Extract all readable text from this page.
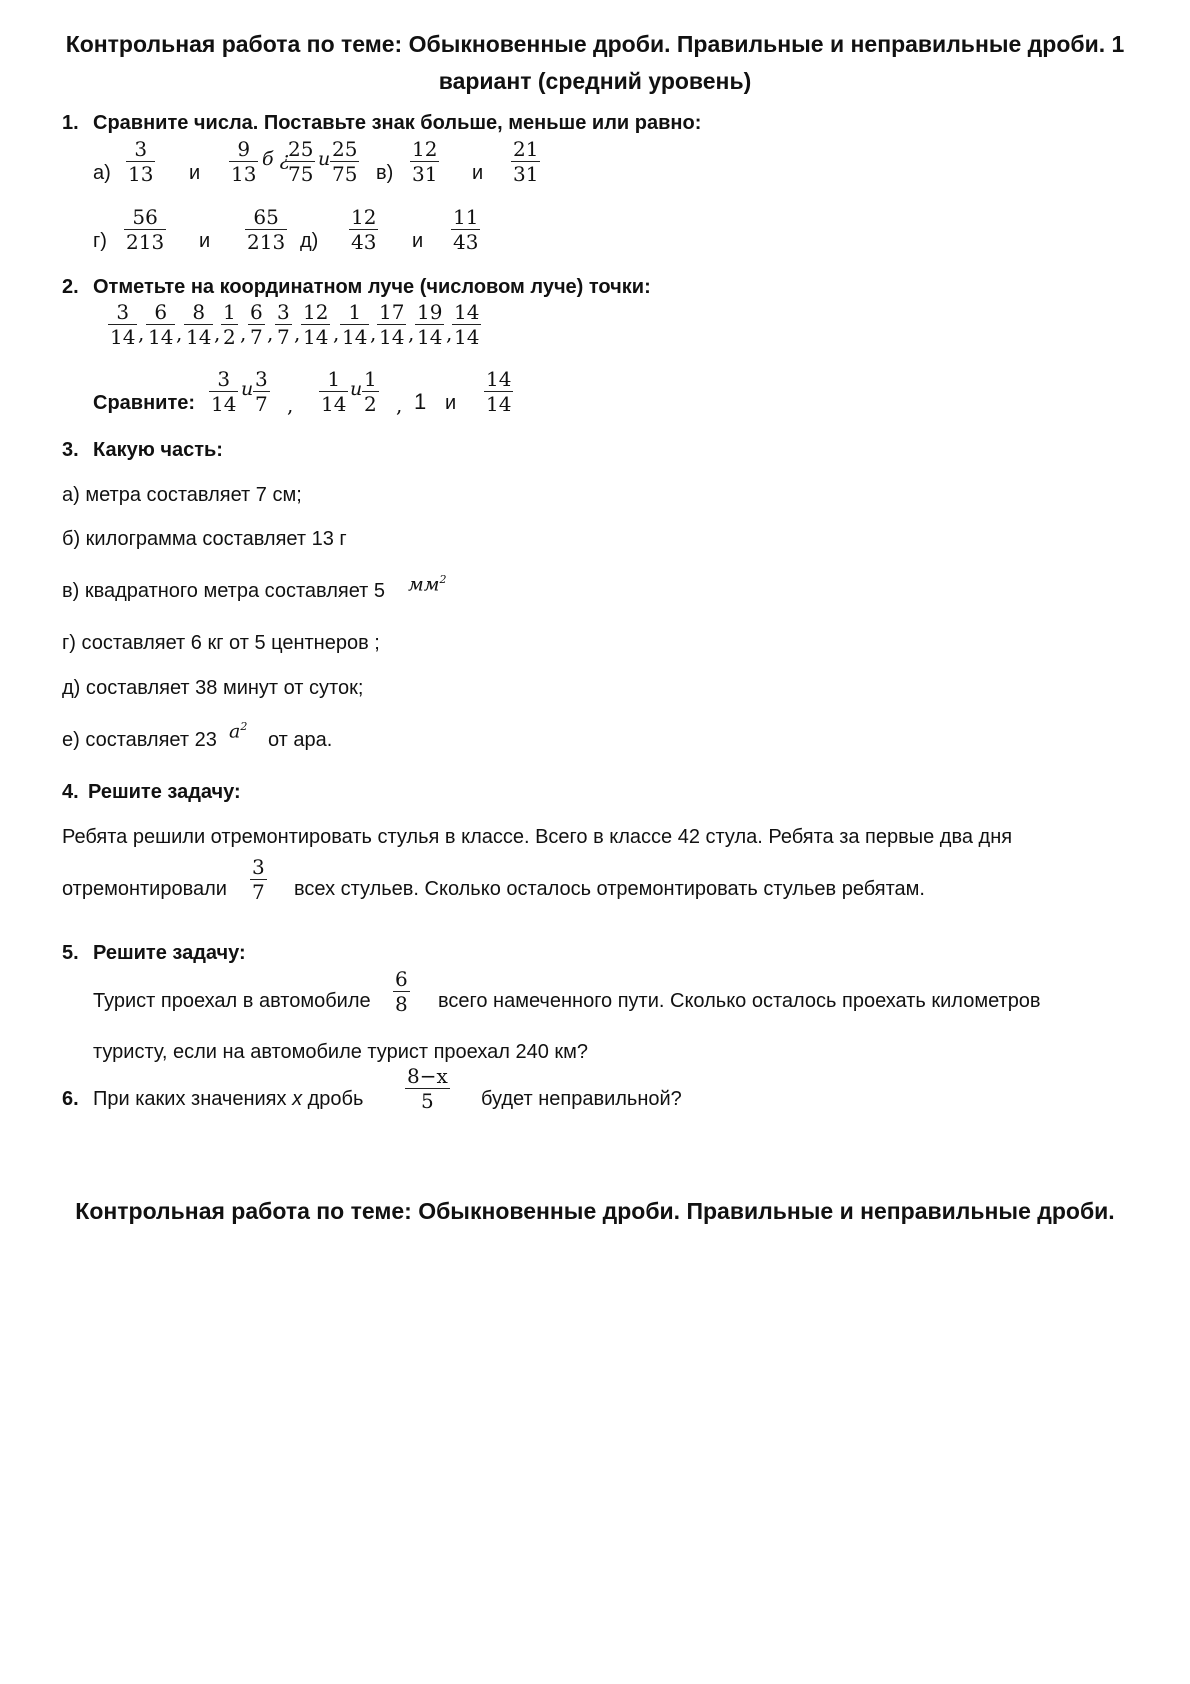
Контрольная работа по теме: Обыкновенные дроби. Правильные и неправильные дроби. 1 вариант (средний уровень)
1. Сравните числа. Поставьте знак больше, меньше или равно:
$а) \frac{3}{13}$ и $\frac{9}{13}$ б ¿
$\frac{25}{75}$ и $\frac{25}{75} в) \frac{12}{31}$ и $\frac{21}{31}$
$г) \frac{56}{213}$ и $\frac{65}{213} д) \frac{12}{43}$ и $\frac{11}{43}$
2. Отметьте на координатном луче (числовом луче) точки:
$\frac{3}{14}$ , $\frac{6}{14}$ , $\frac{8}{14}$ , $\frac{1}{2}$ , $\frac{6}{7}$ , $\frac{3}{7}$ , $\frac{12}{14}$ , $\frac{1}{14}$ , $\frac{17}{14}$ , $\frac{19}{14}$ , $\frac{14}{14}$
Сравните: $\frac{3}{14}$ и $\frac{3}{7}$ , $\frac{1}{14}$ и $\frac{1}{2}$ , 1 и $\frac{14}{14}$
3. Какую часть:
а) метра составляет 7 см;
б) килограмма составляет 13 г
в) квадратного метра составляет 5 $мм^2$
г) составляет 6 кг от 5 центнеров ;
д) составляет 38 минут от суток;
е) составляет 23 $а^2$
от ара.
4. Решите задачу:
Ребята решили отремонтировать стулья в классе. Всего в классе 42 стула. Ребята за первые два дня
отремонтировали $\frac{3}{7}$ всех стульев. Сколько осталось отремонтировать стульев ребятам.
5. Решите задачу:
Турист проехал в автомобиле $\frac{6}{8}$ всего намеченного пути. Сколько осталось проехать километров
туристу, если на автомобиле турист проехал 240 км?
6. При каких значениях x дробь $\frac{8-x}{5}$ будет неправильной?
Контрольная работа по теме: Обыкновенные дроби. Правильные и неправильные дроби.
